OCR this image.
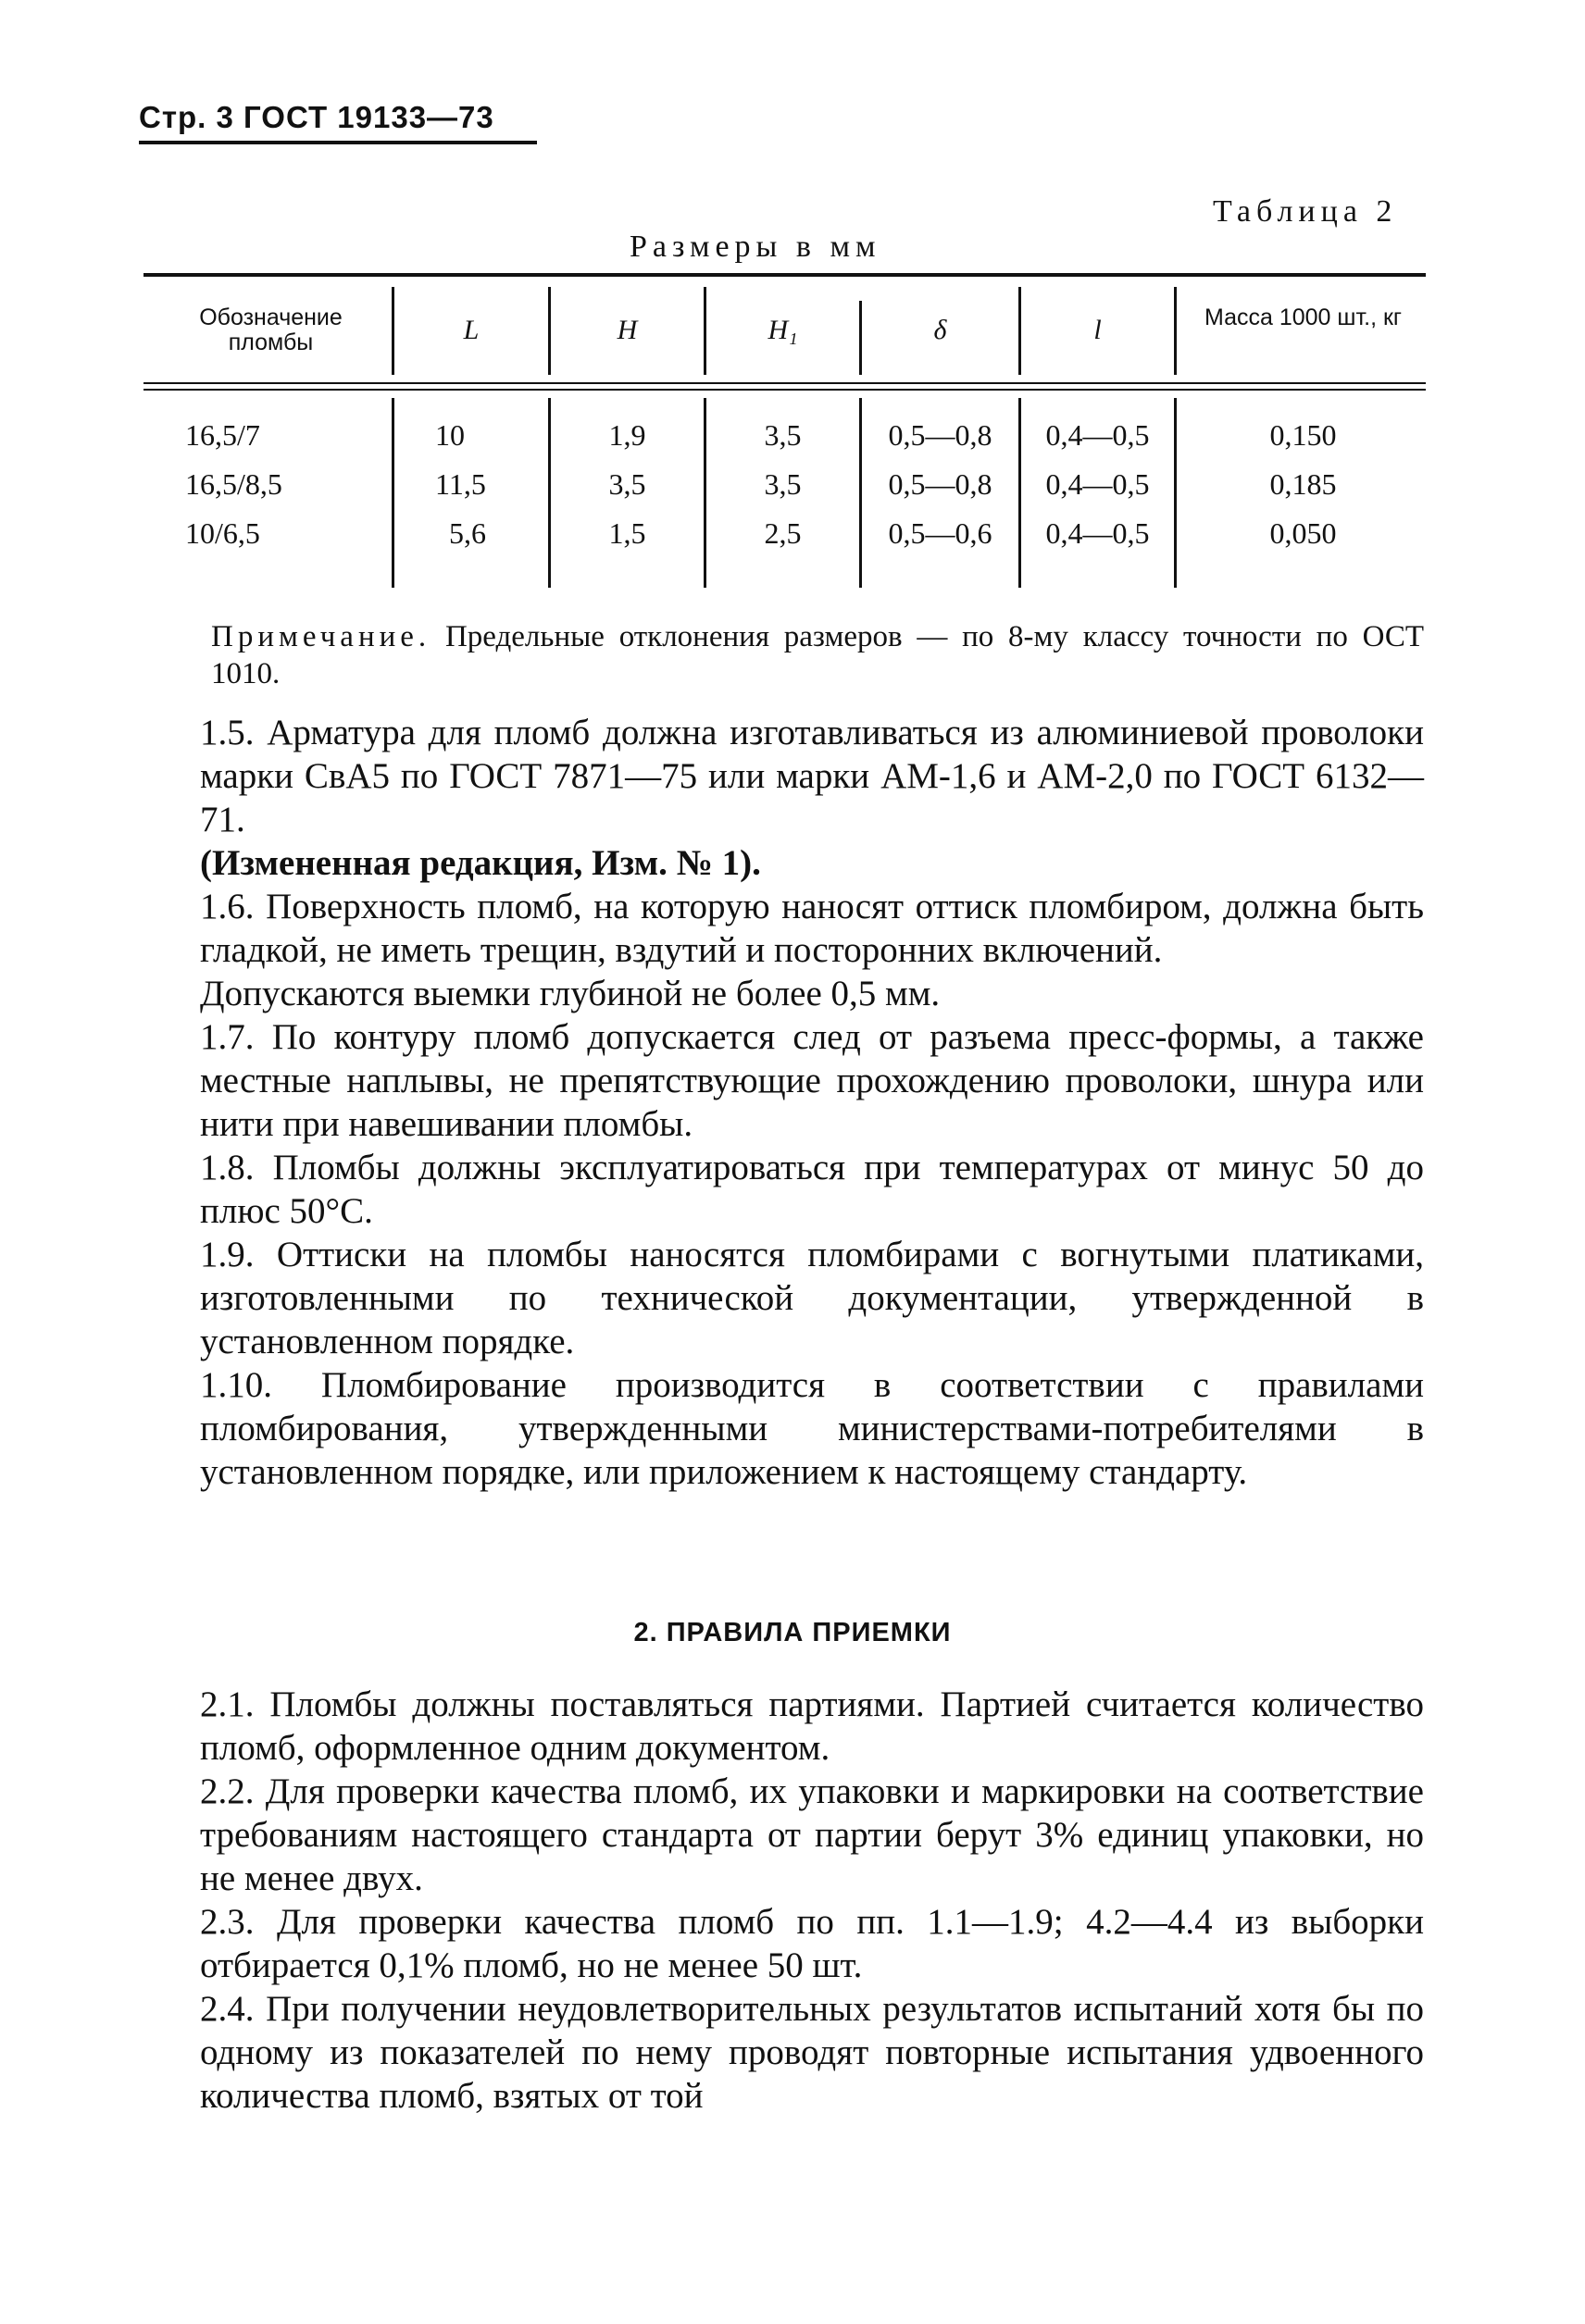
Стр. 3 ГОСТ 19133—73
Таблица 2
Размеры в мм
Обозначение пломбы	L	H	H₁	δ	l	Масса 1000 шт., кг
16,5/7	10	1,9	3,5	0,5—0,8	0,4—0,5	0,150
16,5/8,5	11,5	3,5	3,5	0,5—0,8	0,4—0,5	0,185
10/6,5	5,6	1,5	2,5	0,5—0,6	0,4—0,5	0,050
Примечание. Предельные отклонения размеров — по 8-му классу точности по ОСТ 1010.

1.5. Арматура для пломб должна изготавливаться из алюминиевой проволоки марки СвА5 по ГОСТ 7871—75 или марки АМ-1,6 и АМ-2,0 по ГОСТ 6132—71.

(Измененная редакция, Изм. № 1).

1.6. Поверхность пломб, на которую наносят оттиск пломбиром, должна быть гладкой, не иметь трещин, вздутий и посторонних включений.

Допускаются выемки глубиной не более 0,5 мм.

1.7. По контуру пломб допускается след от разъема пресс-формы, а также местные наплывы, не препятствующие прохождению проволоки, шнура или нити при навешивании пломбы.

1.8. Пломбы должны эксплуатироваться при температурах от минус 50 до плюс 50°С.

1.9. Оттиски на пломбы наносятся пломбирами с вогнутыми платиками, изготовленными по технической документации, утвержденной в установленном порядке.

1.10. Пломбирование производится в соответствии с правилами пломбирования, утвержденными министерствами-потребителями в установленном порядке, или приложением к настоящему стандарту.

2. ПРАВИЛА ПРИЕМКИ

2.1. Пломбы должны поставляться партиями. Партией считается количество пломб, оформленное одним документом.

2.2. Для проверки качества пломб, их упаковки и маркировки на соответствие требованиям настоящего стандарта от партии берут 3% единиц упаковки, но не менее двух.

2.3. Для проверки качества пломб по пп. 1.1—1.9; 4.2—4.4 из выборки отбирается 0,1% пломб, но не менее 50 шт.

2.4. При получении неудовлетворительных результатов испытаний хотя бы по одному из показателей по нему проводят повторные испытания удвоенного количества пломб, взятых от той
